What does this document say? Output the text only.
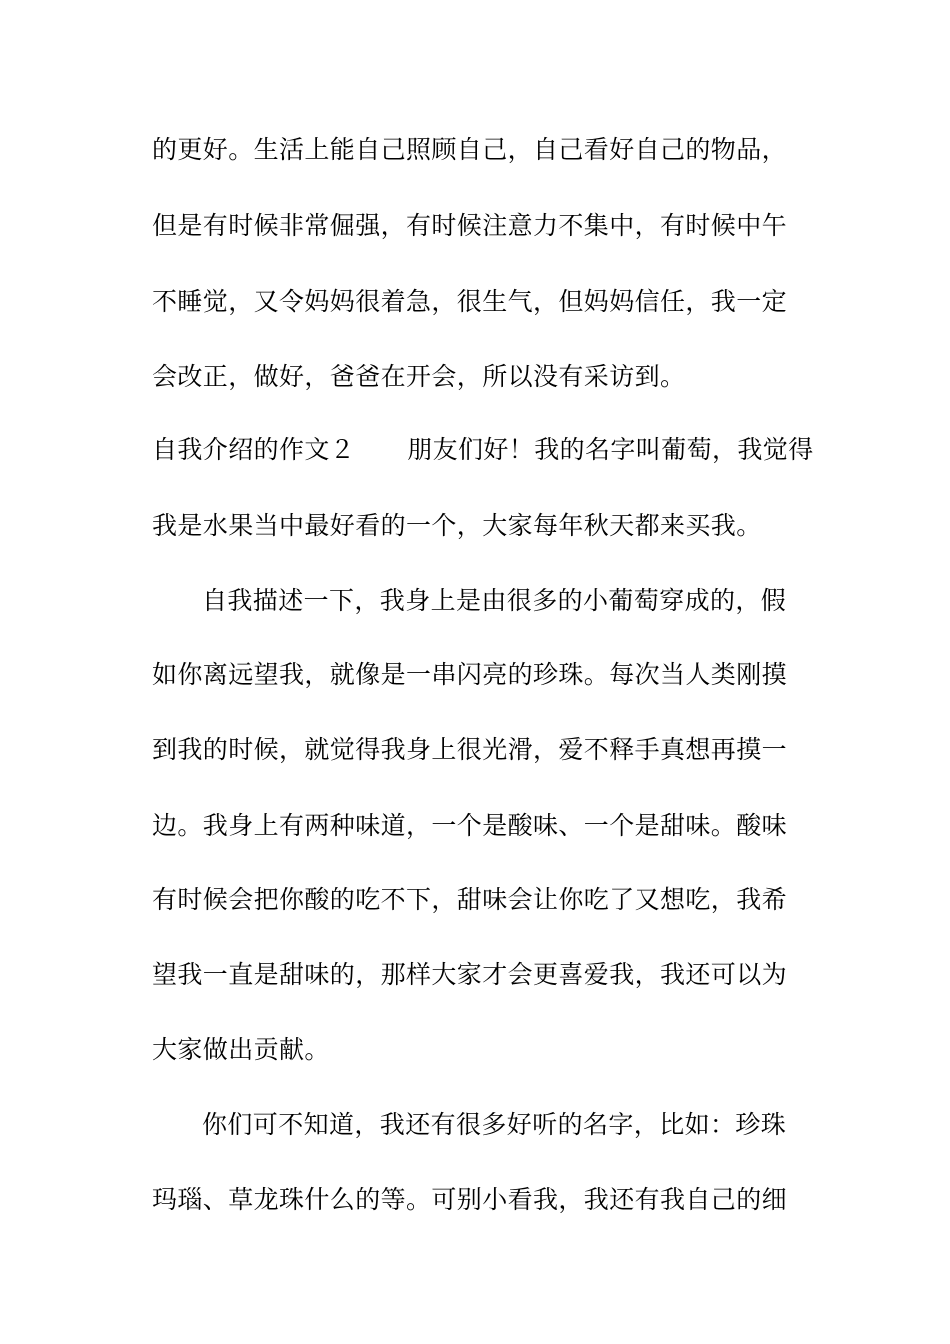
的更好。生活上能自己照顾自己，自己看好自己的物品，
但是有时候非常倔强，有时候注意力不集中，有时候中午
不睡觉，又令妈妈很着急，很生气，但妈妈信任，我一定
会改正，做好，爸爸在开会，所以没有采访到。
自我介绍的作文２ 朋友们好！我的名字叫葡萄，我觉得
我是水果当中最好看的一个，大家每年秋天都来买我。
自我描述一下，我身上是由很多的小葡萄穿成的，假
如你离远望我，就像是一串闪亮的珍珠。每次当人类刚摸
到我的时候，就觉得我身上很光滑，爱不释手真想再摸一
边。我身上有两种味道，一个是酸味、一个是甜味。酸味
有时候会把你酸的吃不下，甜味会让你吃了又想吃，我希
望我一直是甜味的，那样大家才会更喜爱我，我还可以为
大家做出贡献。
你们可不知道，我还有很多好听的名字，比如：珍珠
玛瑙、草龙珠什么的等。可别小看我，我还有我自己的细
